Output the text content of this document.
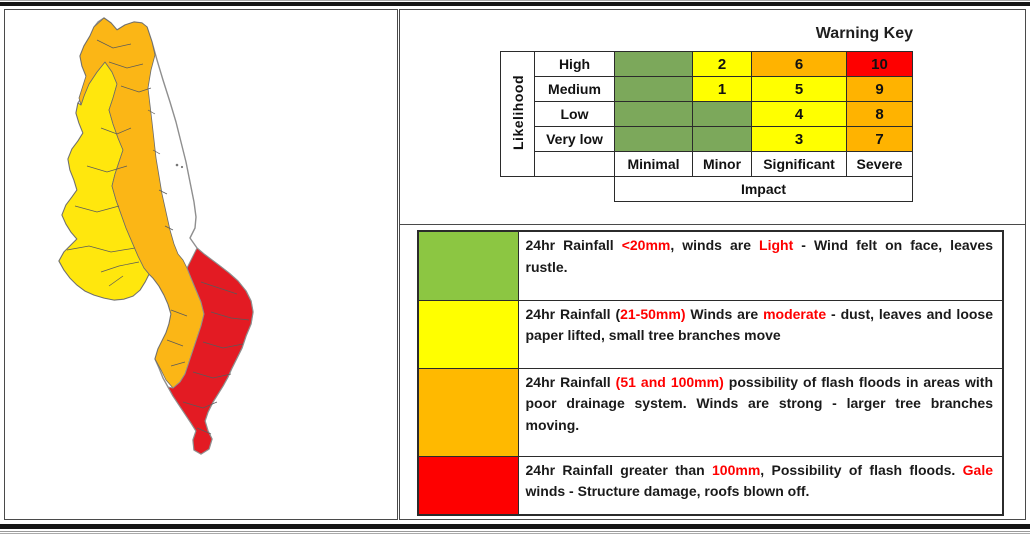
Warning Key
Likelihood	High		2	6	10
	Medium		1	5	9
	Low			4	8
	Very low			3	7
		Minimal	Minor	Significant	Severe
		Impact			
	24hr Rainfall <20mm, winds are Light - Wind felt on face, leaves rustle.
	24hr Rainfall (21-50mm) Winds are moderate - dust, leaves and loose paper lifted, small tree branches move
	24hr Rainfall (51 and 100mm) possibility of flash floods in areas with poor drainage system. Winds are strong - larger tree branches moving.
	24hr Rainfall greater than 100mm, Possibility of flash floods. Gale winds - Structure damage, roofs blown off.
